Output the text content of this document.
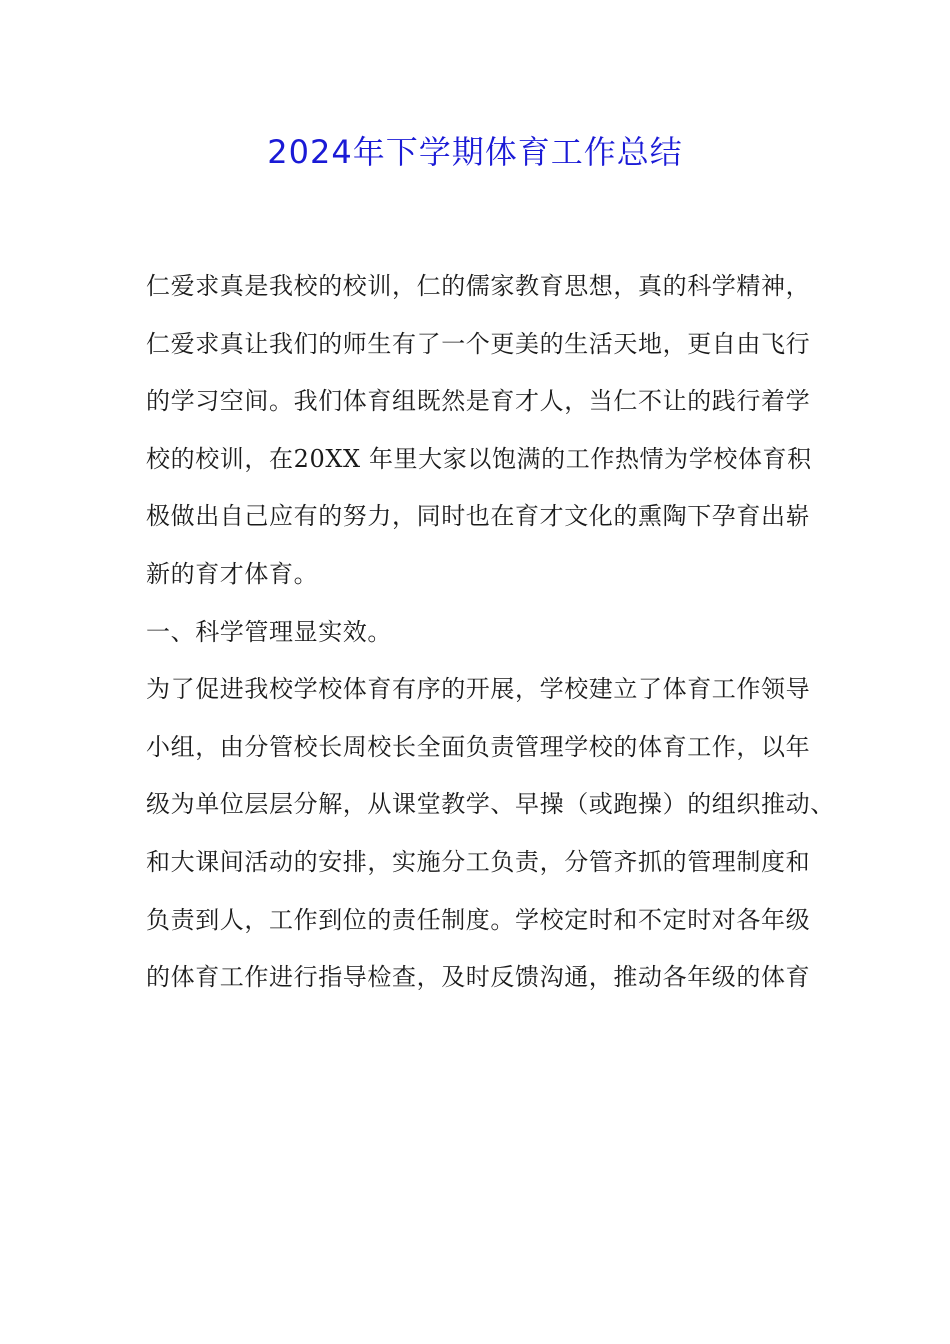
2024年下学期体育工作总结
仁爱求真是我校的校训，仁的儒家教育思想，真的科学精神，
仁爱求真让我们的师生有了一个更美的生活天地，更自由飞行
的学习空间。我们体育组既然是育才人，当仁不让的践行着学
校的校训，在20XX 年里大家以饱满的工作热情为学校体育积
极做出自己应有的努力，同时也在育才文化的熏陶下孕育出崭
新的育才体育。
一、科学管理显实效。
为了促进我校学校体育有序的开展，学校建立了体育工作领导
小组，由分管校长周校长全面负责管理学校的体育工作，以年
级为单位层层分解，从课堂教学、早操（或跑操）的组织推动、
和大课间活动的安排，实施分工负责，分管齐抓的管理制度和
负责到人，工作到位的责任制度。学校定时和不定时对各年级
的体育工作进行指导检查，及时反馈沟通，推动各年级的体育
